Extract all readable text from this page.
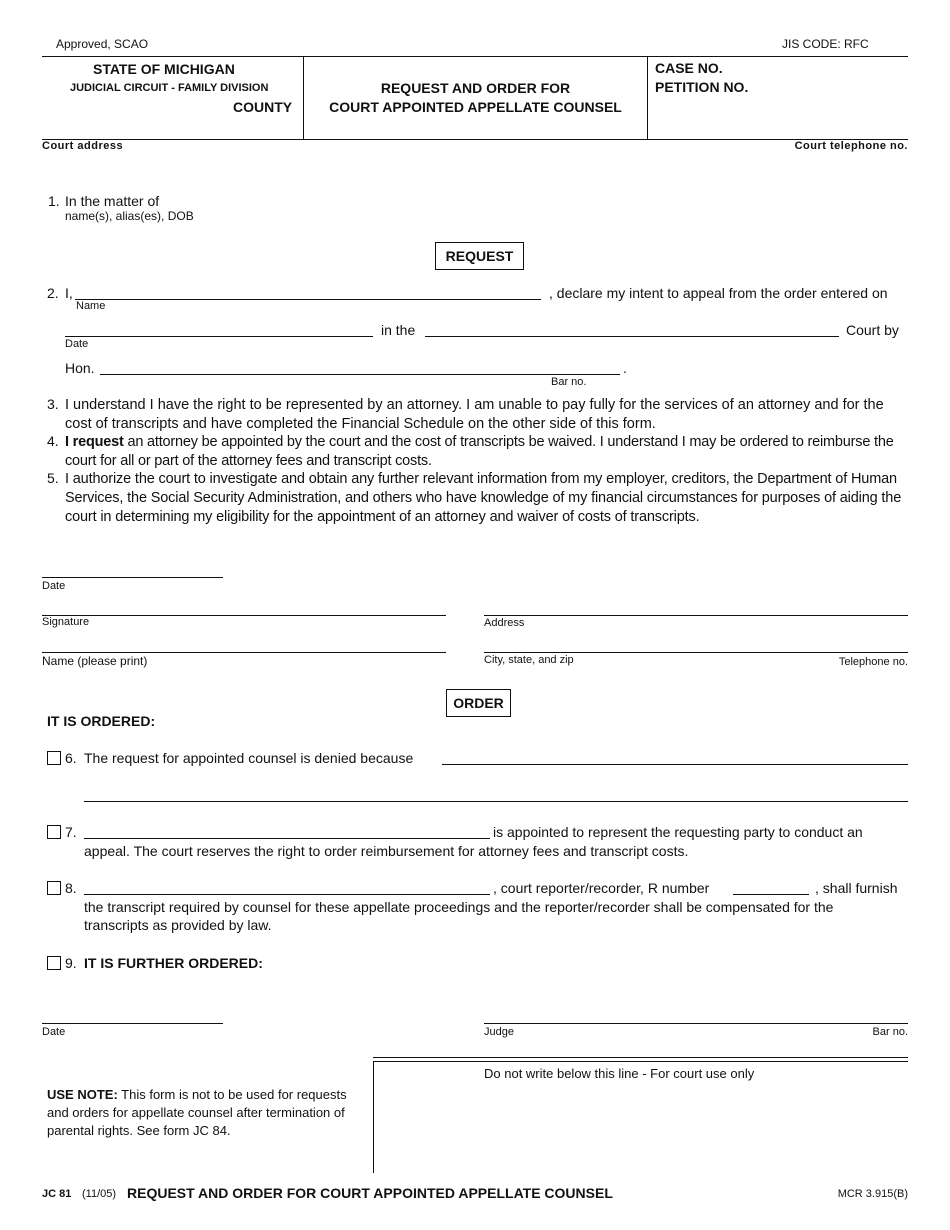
Approved, SCAO	JIS CODE: RFC
STATE OF MICHIGAN
JUDICIAL CIRCUIT - FAMILY DIVISION
COUNTY
REQUEST AND ORDER FOR
COURT APPOINTED APPELLATE COUNSEL
CASE NO.
PETITION NO.
Court address	Court telephone no.
1. In the matter of
name(s), alias(es), DOB
REQUEST
2. I,	, declare my intent to appeal from the order entered on
Name
in the	Court by
Date
Hon.	.
Bar no.
3. I understand I have the right to be represented by an attorney. I am unable to pay fully for the services of an attorney and for the cost of transcripts and have completed the Financial Schedule on the other side of this form.
4. I request an attorney be appointed by the court and the cost of transcripts be waived. I understand I may be ordered to reimburse the court for all or part of the attorney fees and transcript costs.
5. I authorize the court to investigate and obtain any further relevant information from my employer, creditors, the Department of Human Services, the Social Security Administration, and others who have knowledge of my financial circumstances for purposes of aiding the court in determining my eligibility for the appointment of an attorney and waiver of costs of transcripts.
Date
Signature	Address
Name (please print)	City, state, and zip	Telephone no.
ORDER
IT IS ORDERED:
6. The request for appointed counsel is denied because
7.	is appointed to represent the requesting party to conduct an
appeal. The court reserves the right to order reimbursement for attorney fees and transcript costs.
8.	, court reporter/recorder, R number	, shall furnish
the transcript required by counsel for these appellate proceedings and the reporter/recorder shall be compensated for the
transcripts as provided by law.
9. IT IS FURTHER ORDERED:
Date	Judge	Bar no.
Do not write below this line - For court use only
USE NOTE: This form is not to be used for requests and orders for appellate counsel after termination of parental rights. See form JC 84.
JC 81 (11/05) REQUEST AND ORDER FOR COURT APPOINTED APPELLATE COUNSEL	MCR 3.915(B)
